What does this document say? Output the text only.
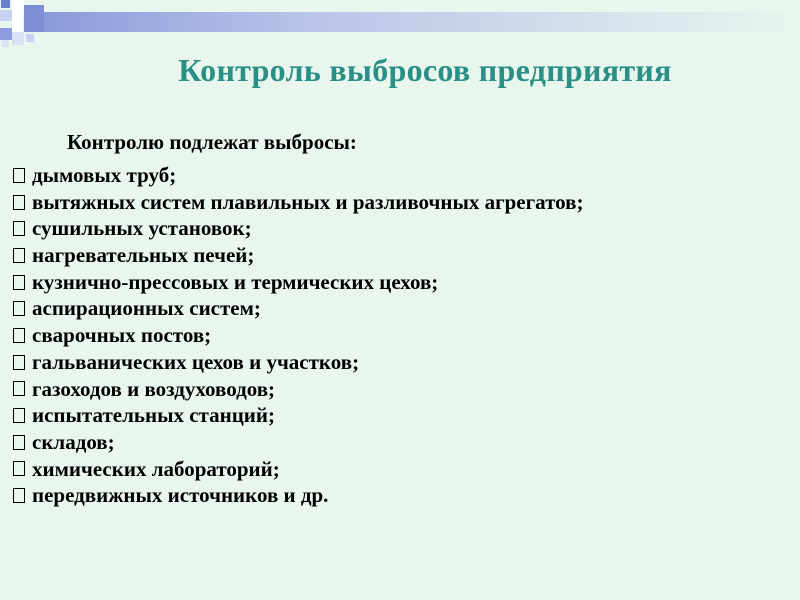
Контроль выбросов предприятия
Контролю подлежат выбросы:
дымовых труб;
вытяжных систем плавильных и разливочных агрегатов;
сушильных установок;
нагревательных печей;
кузнично-прессовых и термических цехов;
аспирационных систем;
сварочных постов;
гальванических цехов и участков;
газоходов и воздуховодов;
испытательных станций;
складов;
химических лабораторий;
передвижных источников и др.
